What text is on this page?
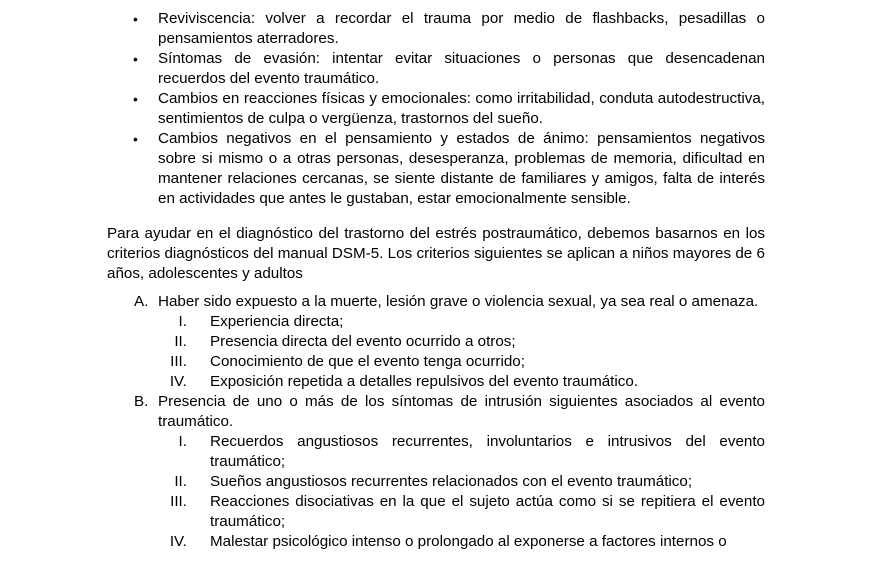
•	Reviviscencia: volver a recordar el trauma por medio de flashbacks, pesadillas o pensamientos aterradores.
•	Síntomas de evasión: intentar evitar situaciones o personas que desencadenan recuerdos del evento traumático.
•	Cambios en reacciones físicas y emocionales: como irritabilidad, conduta autodestructiva, sentimientos de culpa o vergüenza, trastornos del sueño.
•	Cambios negativos en el pensamiento y estados de ánimo: pensamientos negativos sobre si mismo o a otras personas, desesperanza, problemas de memoria, dificultad en mantener relaciones cercanas, se siente distante de familiares y amigos, falta de interés en actividades que antes le gustaban, estar emocionalmente sensible.

Para ayudar en el diagnóstico del trastorno del estrés postraumático, debemos basarnos en los criterios diagnósticos del manual DSM-5. Los criterios siguientes se aplican a niños mayores de 6 años, adolescentes y adultos

A. Haber sido expuesto a la muerte, lesión grave o violencia sexual, ya sea real o amenaza.
I. Experiencia directa;
II. Presencia directa del evento ocurrido a otros;
III. Conocimiento de que el evento tenga ocurrido;
IV. Exposición repetida a detalles repulsivos del evento traumático.
B. Presencia de uno o más de los síntomas de intrusión siguientes asociados al evento traumático.
I. Recuerdos angustiosos recurrentes, involuntarios e intrusivos del evento traumático;
II. Sueños angustiosos recurrentes relacionados con el evento traumático;
III. Reacciones disociativas en la que el sujeto actúa como si se repitiera el evento traumático;
IV. Malestar psicológico intenso o prolongado al exponerse a factores internos o
